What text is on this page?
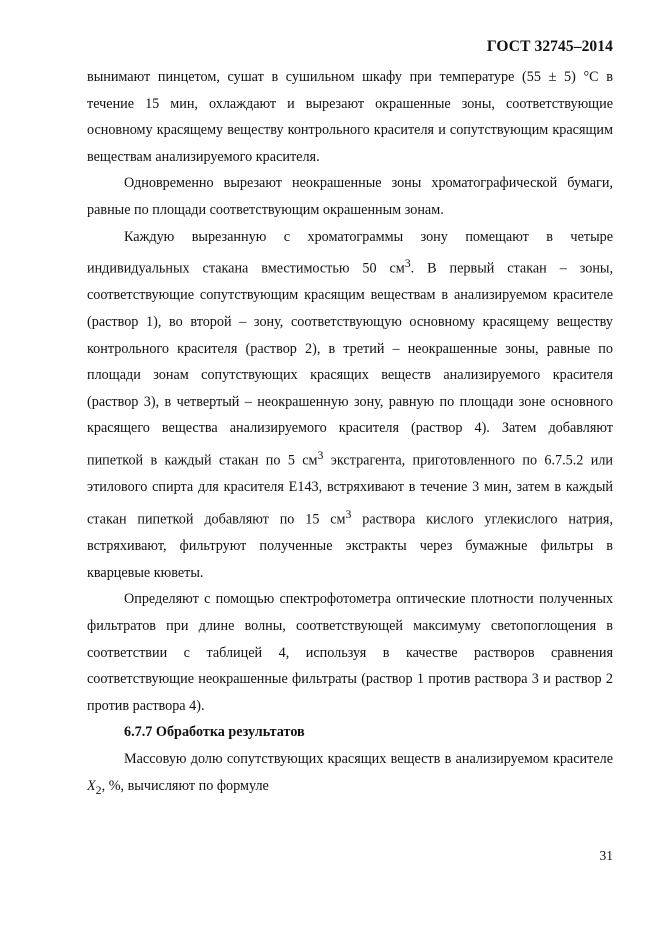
ГОСТ 32745–2014

вынимают пинцетом, сушат в сушильном шкафу при температуре (55 ± 5) °С в течение 15 мин, охлаждают и вырезают окрашенные зоны, соответствующие основному красящему веществу контрольного красителя и сопутствующим красящим веществам анализируемого красителя.

Одновременно вырезают неокрашенные зоны хроматографической бумаги, равные по площади соответствующим окрашенным зонам.

Каждую вырезанную с хроматограммы зону помещают в четыре индивидуальных стакана вместимостью 50 $см^3$. В первый стакан – зоны, соответствующие сопутствующим красящим веществам в анализируемом красителе (раствор 1), во второй – зону, соответствующую основному красящему веществу контрольного красителя (раствор 2), в третий – неокрашенные зоны, равные по площади зонам сопутствующих красящих веществ анализируемого красителя (раствор 3), в четвертый – неокрашенную зону, равную по площади зоне основного красящего вещества анализируемого красителя (раствор 4). Затем добавляют пипеткой в каждый стакан по 5 $см^3$ экстрагента, приготовленного по 6.7.5.2 или этилового спирта для красителя Е143, встряхивают в течение 3 мин, затем в каждый стакан пипеткой добавляют по 15 $см^3$ раствора кислого углекислого натрия, встряхивают, фильтруют полученные экстракты через бумажные фильтры в кварцевые кюветы.

Определяют с помощью спектрофотометра оптические плотности полученных фильтратов при длине волны, соответствующей максимуму светопоглощения в соответствии с таблицей 4, используя в качестве растворов сравнения соответствующие неокрашенные фильтраты (раствор 1 против раствора 3 и раствор 2 против раствора 4).

6.7.7 Обработка результатов

Массовую долю сопутствующих красящих веществ в анализируемом красителе $X_2$, %, вычисляют по формуле

31
